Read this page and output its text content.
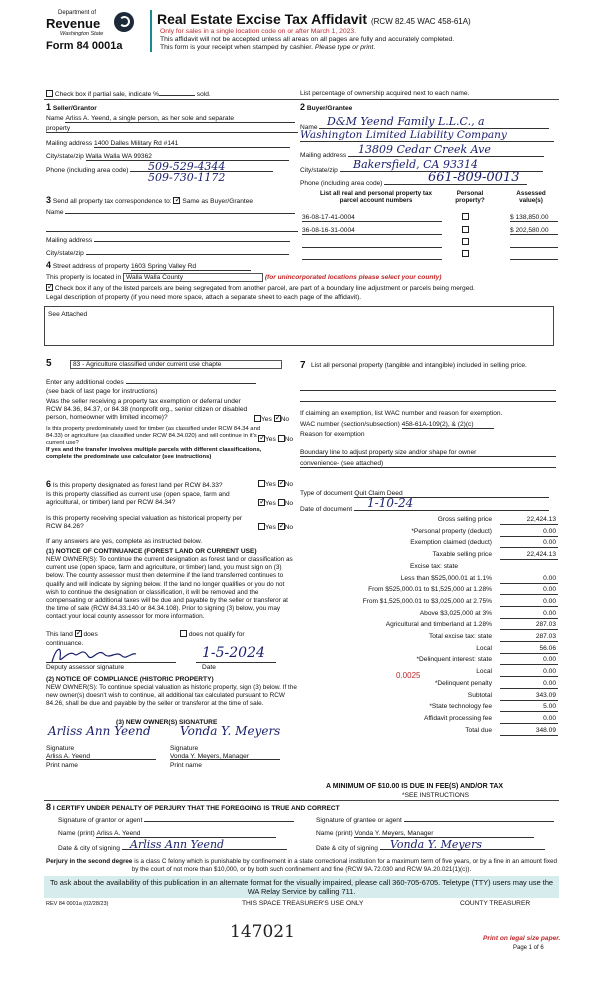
Department of
Revenue
Washington State
Form 84 0001a
Real Estate Excise Tax Affidavit (RCW 82.45 WAC 458-61A)
Only for sales in a single location code on or after March 1, 2023.
This affidavit will not be accepted unless all areas on all pages are fully and accurately completed.
This form is your receipt when stamped by cashier. Please type or print.
Check box if partial sale, indicate %	sold.	List percentage of ownership acquired next to each name.
1 Seller/Grantor
Name Arliss A. Yeend, a single person, as her sole and separate
property
Mailing address 1400 Dalles Military Rd #141
City/state/zip Walla Walla WA 99362
Phone (including area code)	509-529-4344
509-730-1172
2 Buyer/Grantee
Name D&M Yeend Family L.L.C., a
Washington Limited Liability Company
Mailing address	13809 Cedar Creek Ave
City/state/zip	Bakersfield, CA 93314
Phone (including area code)	661-809-0013
3 Send all property tax correspondence to: ✓ Same as Buyer/Grantee
Name
Mailing address
City/state/zip
List all real and personal property tax
parcel account numbers
Personal
property?
Assessed
value(s)
36-08-17-41-0004	$ 138,850.00
36-08-16-31-0004	$ 202,580.00
4 Street address of property 1603 Spring Valley Rd
This property is located in Walla Walla County	(for unincorporated locations please select your county)
✓ Check box if any of the listed parcels are being segregated from another parcel, are part of a boundary line adjustment or parcels being merged.
Legal description of property (if you need more space, attach a separate sheet to each page of the affidavit).
See Attached
5	83 - Agriculture classified under current use chapte
Enter any additional codes
(see back of last page for instructions)
Was the seller receiving a property tax exemption or deferral under RCW 84.36, 84.37, or 84.38 (nonprofit org., senior citizen or disabled person, homeowner with limited income)?	Yes ✓ No
Is this property predominately used for timber (as classified under RCW 84.34 and 84.33) or agriculture (as classified under RCW 84.34.020) and will continue in it's current use?
If yes and the transfer involves multiple parcels with different classifications, complete the predominate use calculator (see instructions)
✓Yes No
6 Is this property designated as forest land per RCW 84.33?	Yes ✓ No
Is this property classified as current use (open space, farm and agricultural, or timber) land per RCW 84.34? ✓	Yes No
Is this property receiving special valuation as historical property per RCW 84.26?	Yes ✓ No
If any answers are yes, complete as instructed below.
(1) NOTICE OF CONTINUANCE (FOREST LAND OR CURRENT USE)
NEW OWNER(S): To continue the current designation as forest land or classification as current use (open space, farm and agriculture, or timber) land, you must sign on (3) below. The county assessor must then determine if the land transferred continues to qualify and will indicate by signing below. If the land no longer qualifies or you do not wish to continue the designation or classification, it will be removed and the compensating or additional taxes will be due and payable by the seller or transferor at the time of sale (RCW 84.33.140 or 84.34.108). Prior to signing (3) below, you may contact your local county assessor for more information.
This land ✓ does	does not qualify for
continuance.
1-5-2024
Deputy assessor signature	Date
(2) NOTICE OF COMPLIANCE (HISTORIC PROPERTY)
NEW OWNER(S): To continue special valuation as historic property, sign (3) below. If the new owner(s) doesn't wish to continue, all additional tax calculated pursuant to RCW 84.26, shall be due and payable by the seller or transferor at the time of sale.
(3) NEW OWNER(S) SIGNATURE
Arliss Ann Yeend Vonda Y. Meyers
Signature	Signature
Arliss A. Yeend	Vonda Y. Meyers, Manager
Print name	Print name
7 List all personal property (tangible and intangible) included in selling price.
If claiming an exemption, list WAC number and reason for exemption.
WAC number (section/subsection) 458-61A-109(2), & (2)(c)
Reason for exemption
Boundary line to adjust property size and/or shape for owner
convenience- (see attached)
Type of document Quit Claim Deed
Date of document	1-10-24
Gross selling price	22,424.13
*Personal property (deduct)	0.00
Exemption claimed (deduct)	0.00
Taxable selling price	22,424.13
Excise tax: state
Less than $525,000.01 at 1.1%	0.00
From $525,000.01 to $1,525,000 at 1.28%	0.00
From $1,525,000.01 to $3,025,000 at 2.75%	0.00
Above $3,025,000 at 3%	0.00
Agricultural and timberland at 1.28%	287.03
Total excise tax: state	287.03
Local	56.06
*Delinquent interest: state	0.00
Local	0.00
*Delinquent penalty	0.00
Subtotal	343.09
*State technology fee	5.00
Affidavit processing fee	0.00
Total due	348.09
0.0025
A MINIMUM OF $10.00 IS DUE IN FEE(S) AND/OR TAX
*SEE INSTRUCTIONS
8 I CERTIFY UNDER PENALTY OF PERJURY THAT THE FOREGOING IS TRUE AND CORRECT
Signature of grantor or agent	Signature of grantee or agent
Name (print) Arliss A. Yeend	Name (print) Vonda Y. Meyers, Manager
Date & city of signing Arliss Ann Yeend	Date & city of signing	Vonda Y. Meyers
Perjury in the second degree is a class C felony which is punishable by confinement in a state correctional institution for a maximum term of five years, or by a fine in an amount fixed by the court of not more than $10,000, or by both such confinement and fine (RCW 9A.72.030 and RCW 9A.20.021(1)(c)).
To ask about the availability of this publication in an alternate format for the visually impaired, please call 360-705-6705. Teletype (TTY) users may use the WA Relay Service by calling 711.
REV 84 0001a (02/28/23)	THIS SPACE TREASURER'S USE ONLY	COUNTY TREASURER
147021	Print on legal size paper.
Page 1 of 6
